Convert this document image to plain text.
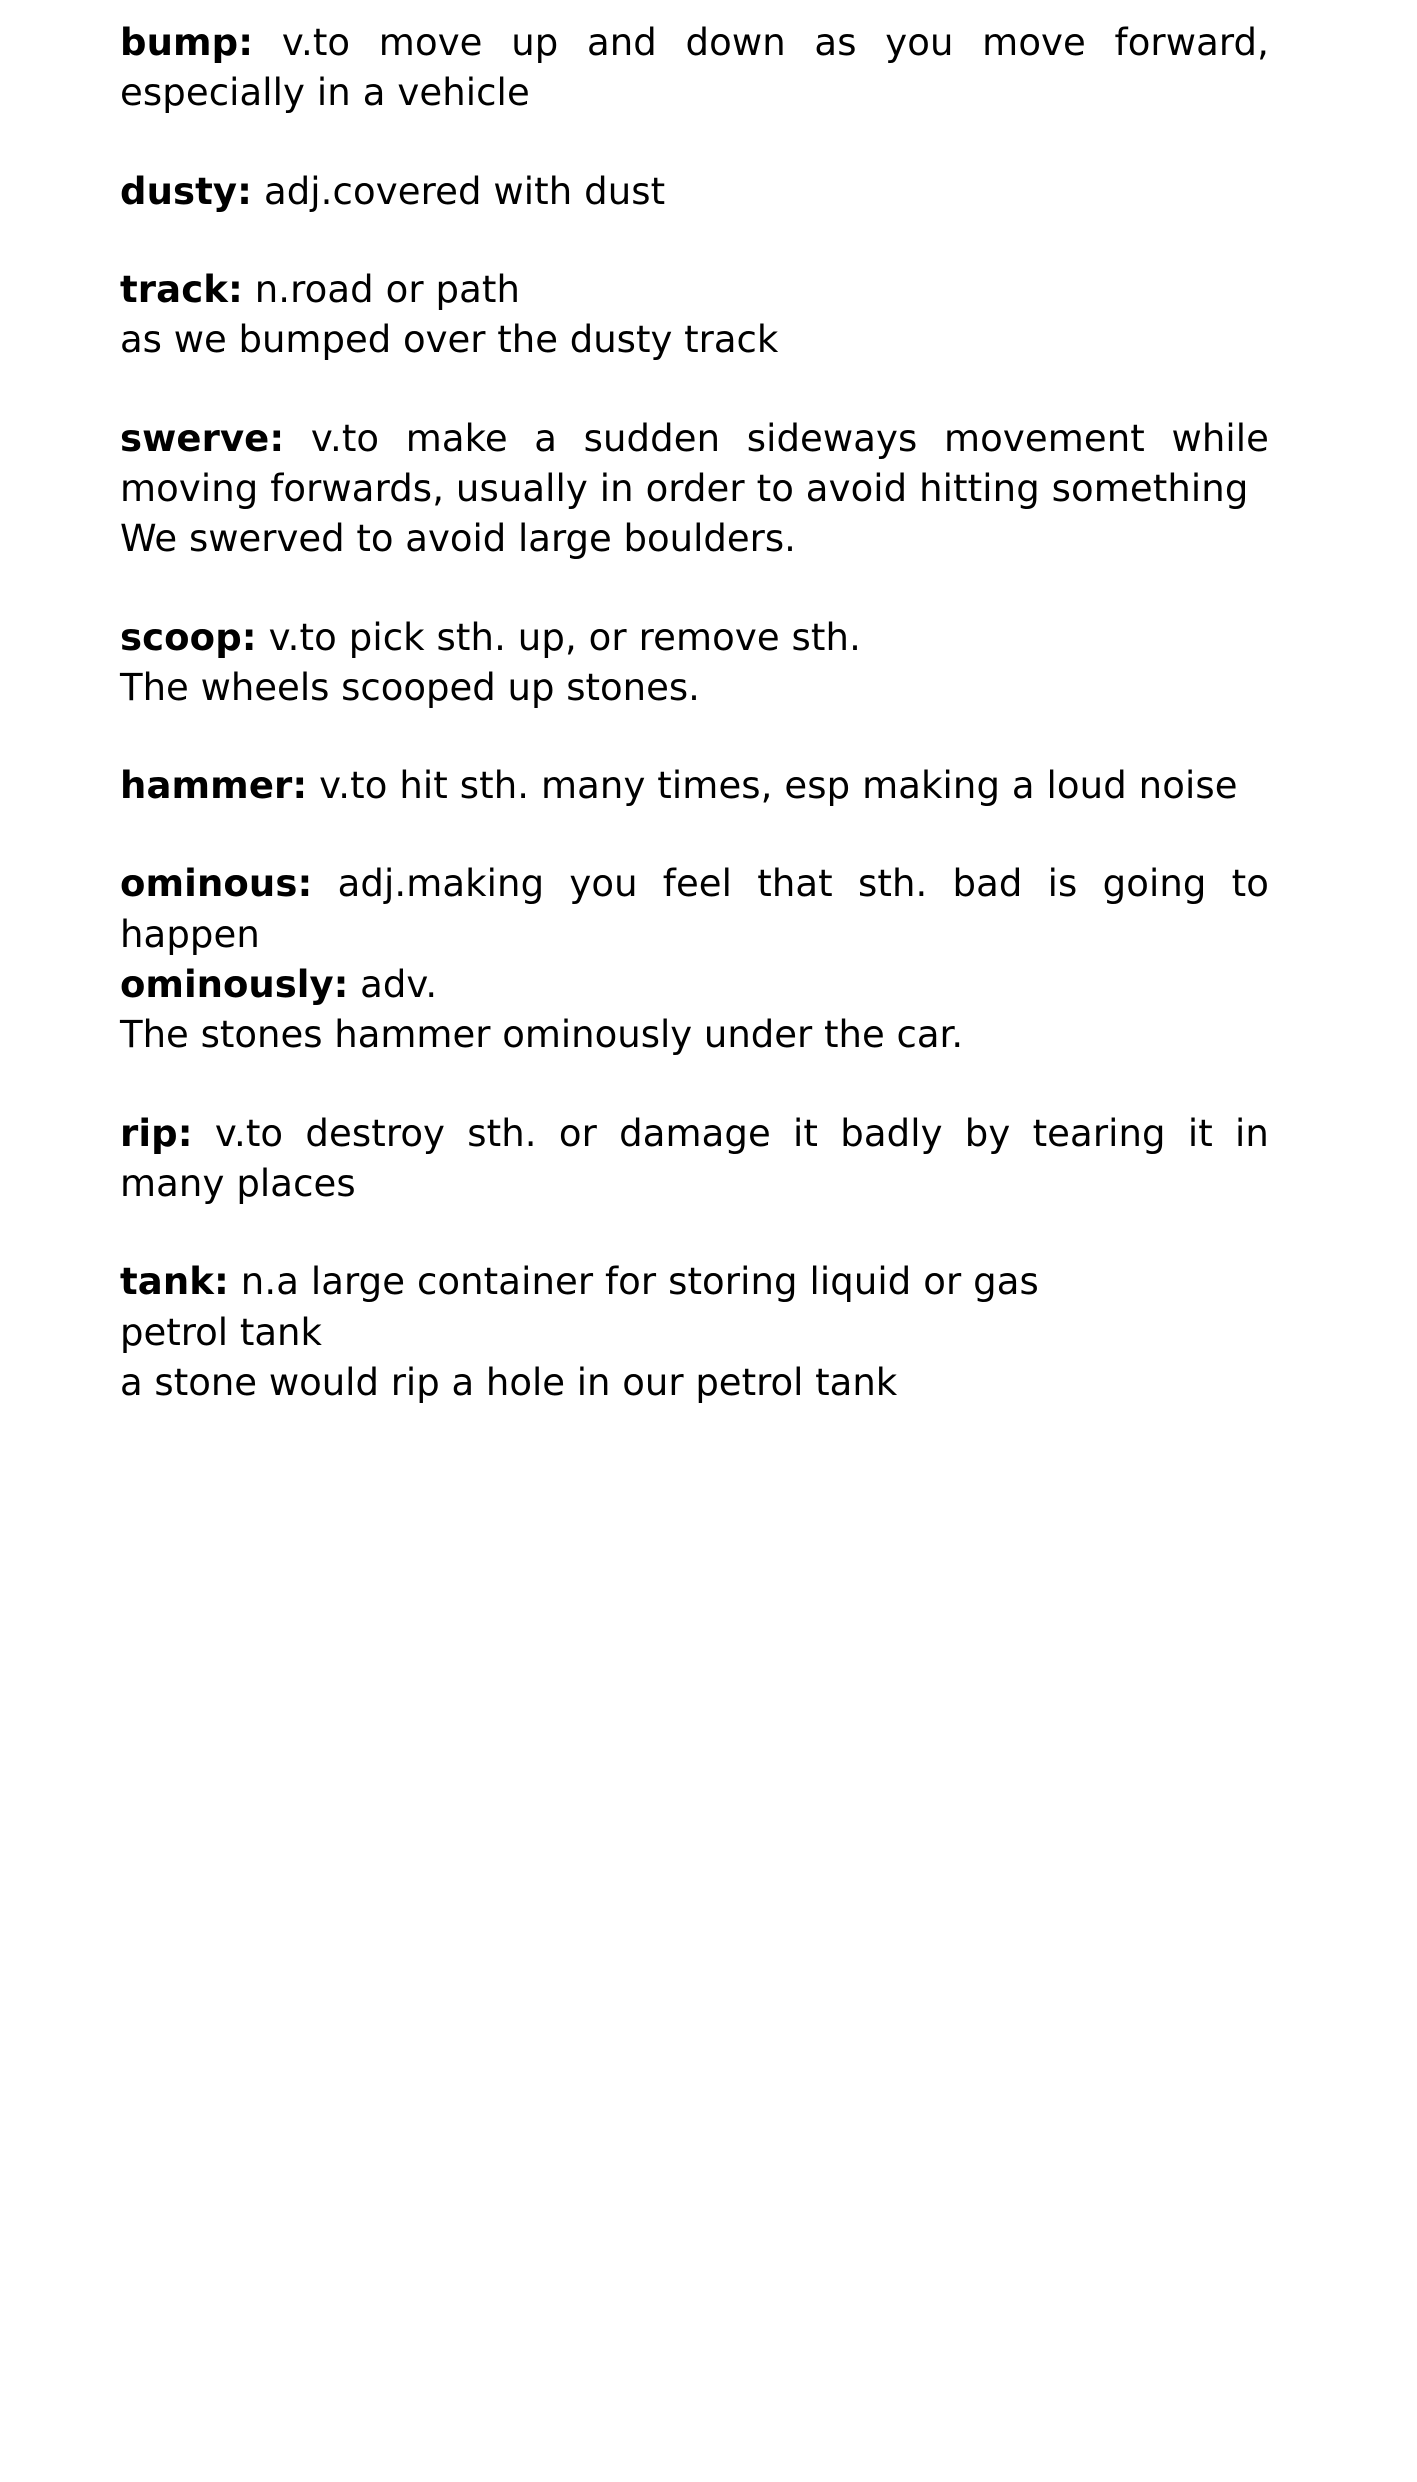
bump: v.to move up and down as you move forward, especially in a vehicle

dusty: adj.covered with dust

track: n.road or path

as we bumped over the dusty track

swerve: v.to make a sudden sideways movement while moving forwards, usually in order to avoid hitting something

We swerved to avoid large boulders.

scoop: v.to pick sth. up, or remove sth.

The wheels scooped up stones.

hammer: v.to hit sth. many times, esp making a loud noise

ominous: adj.making you feel that sth. bad is going to happen

ominously: adv.

The stones hammer ominously under the car.

rip: v.to destroy sth. or damage it badly by tearing it in many places

tank: n.a large container for storing liquid or gas

petrol tank

a stone would rip a hole in our petrol tank
